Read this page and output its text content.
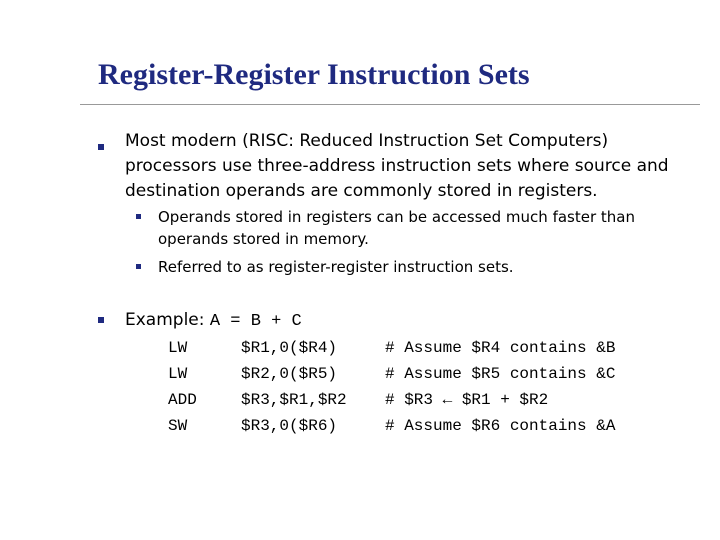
Register-Register Instruction Sets
Most modern (RISC: Reduced Instruction Set Computers)
processors use three-address instruction sets where source and
destination operands are commonly stored in registers.
Operands stored in registers can be accessed much faster than
operands stored in memory.
Referred to as register-register instruction sets.
Example: A = B + C
LW
LW
ADD
SW
$R1,0($R4)
$R2,0($R5)
$R3,$R1,$R2
$R3,0($R6)
# Assume $R4 contains &B
# Assume $R5 contains &C
# $R3 ← $R1 + $R2
# Assume $R6 contains &A
